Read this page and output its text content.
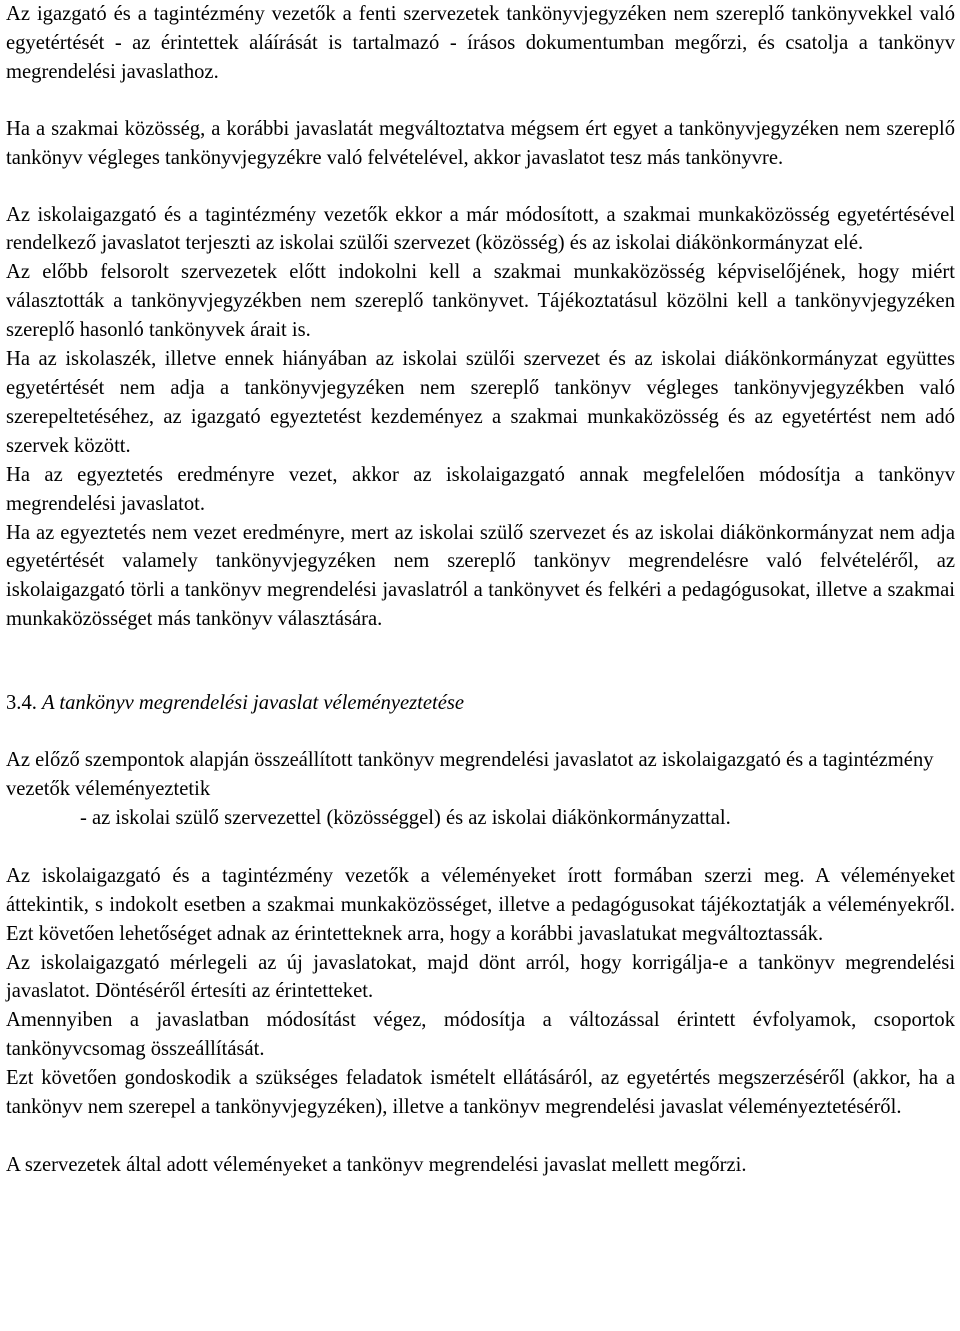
Az igazgató és a tagintézmény vezetők a fenti szervezetek tankönyvjegyzéken nem szereplő tankönyvekkel való egyetértését - az érintettek aláírását is tartalmazó - írásos dokumentumban megőrzi, és csatolja a tankönyv megrendelési javaslathoz.

Ha a szakmai közösség, a korábbi javaslatát megváltoztatva mégsem ért egyet a tankönyvjegyzéken nem szereplő tankönyv végleges tankönyvjegyzékre való felvételével, akkor javaslatot tesz más tankönyvre.

Az iskolaigazgató és a tagintézmény vezetők ekkor a már módosított, a szakmai munkaközösség egyetértésével rendelkező javaslatot terjeszti az iskolai szülői szervezet (közösség) és az iskolai diákönkormányzat elé.

Az előbb felsorolt szervezetek előtt indokolni kell a szakmai munkaközösség képviselőjének, hogy miért választották a tankönyvjegyzékben nem szereplő tankönyvet. Tájékoztatásul közölni kell a tankönyvjegyzéken szereplő hasonló tankönyvek árait is.

Ha az iskolaszék, illetve ennek hiányában az iskolai szülői szervezet és az iskolai diákönkormányzat együttes egyetértését nem adja a tankönyvjegyzéken nem szereplő tankönyv végleges tankönyvjegyzékben való szerepeltetéséhez, az igazgató egyeztetést kezdeményez a szakmai munkaközösség és az egyetértést nem adó szervek között.

Ha az egyeztetés eredményre vezet, akkor az iskolaigazgató annak megfelelően módosítja a tankönyv megrendelési javaslatot.

Ha az egyeztetés nem vezet eredményre, mert az iskolai szülő szervezet és az iskolai diákönkormányzat nem adja egyetértését valamely tankönyvjegyzéken nem szereplő tankönyv megrendelésre való felvételéről, az iskolaigazgató törli a tankönyv megrendelési javaslatról a tankönyvet és felkéri a pedagógusokat, illetve a szakmai munkaközösséget más tankönyv választására.

3.4. A tankönyv megrendelési javaslat véleményeztetése

Az előző szempontok alapján összeállított tankönyv megrendelési javaslatot az iskolaigazgató és a tagintézmény vezetők véleményeztetik

- az iskolai szülő szervezettel (közösséggel) és az iskolai diákönkormányzattal.

Az iskolaigazgató és a tagintézmény vezetők a véleményeket írott formában szerzi meg. A véleményeket áttekintik, s indokolt esetben a szakmai munkaközösséget, illetve a pedagógusokat tájékoztatják a véleményekről. Ezt követően lehetőséget adnak az érintetteknek arra, hogy a korábbi javaslatukat megváltoztassák.

Az iskolaigazgató mérlegeli az új javaslatokat, majd dönt arról, hogy korrigálja-e a tankönyv megrendelési javaslatot. Döntéséről értesíti az érintetteket.

Amennyiben a javaslatban módosítást végez, módosítja a változással érintett évfolyamok, csoportok tankönyvcsomag összeállítását.

Ezt követően gondoskodik a szükséges feladatok ismételt ellátásáról, az egyetértés megszerzéséről (akkor, ha a tankönyv nem szerepel a tankönyvjegyzéken), illetve a tankönyv megrendelési javaslat véleményeztetéséről.

A szervezetek által adott véleményeket a tankönyv megrendelési javaslat mellett megőrzi.
